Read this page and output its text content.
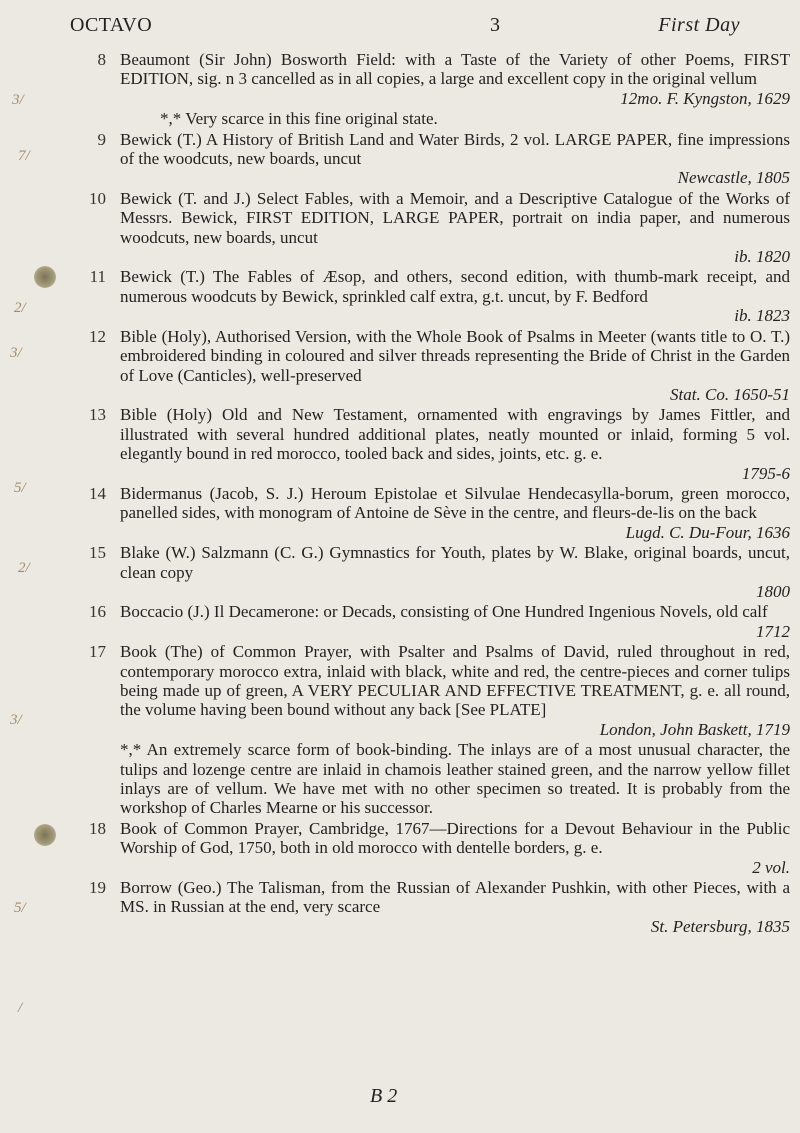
3/
7/
2/
3/
5/
2/
3/
5/
/
OCTAVO	3	First Day
8 Beaumont (Sir John) Bosworth Field: with a Taste of the Variety of other Poems, FIRST EDITION, sig. n 3 cancelled as in all copies, a large and excellent copy in the original vellum
12mo. F. Kyngston, 1629
*,* Very scarce in this fine original state.
9 Bewick (T.) A History of British Land and Water Birds, 2 vol. LARGE PAPER, fine impressions of the woodcuts, new boards, uncut
Newcastle, 1805
10 Bewick (T. and J.) Select Fables, with a Memoir, and a Descriptive Catalogue of the Works of Messrs. Bewick, FIRST EDITION, LARGE PAPER, portrait on india paper, and numerous woodcuts, new boards, uncut
ib. 1820
11 Bewick (T.) The Fables of Æsop, and others, second edition, with thumb-mark receipt, and numerous woodcuts by Bewick, sprinkled calf extra, g.t. uncut, by F. Bedford
ib. 1823
12 Bible (Holy), Authorised Version, with the Whole Book of Psalms in Meeter (wants title to O. T.) embroidered binding in coloured and silver threads representing the Bride of Christ in the Garden of Love (Canticles), well-preserved
Stat. Co. 1650-51
13 Bible (Holy) Old and New Testament, ornamented with engravings by James Fittler, and illustrated with several hundred additional plates, neatly mounted or inlaid, forming 5 vol. elegantly bound in red morocco, tooled back and sides, joints, etc. g. e.
1795-6
14 Bidermanus (Jacob, S. J.) Heroum Epistolae et Silvulae Hendecasylla-borum, green morocco, panelled sides, with monogram of Antoine de Sève in the centre, and fleurs-de-lis on the back
Lugd. C. Du-Four, 1636
15 Blake (W.) Salzmann (C. G.) Gymnastics for Youth, plates by W. Blake, original boards, uncut, clean copy
1800
16 Boccacio (J.) Il Decamerone: or Decads, consisting of One Hundred Ingenious Novels, old calf
1712
17 Book (The) of Common Prayer, with Psalter and Psalms of David, ruled throughout in red, contemporary morocco extra, inlaid with black, white and red, the centre-pieces and corner tulips being made up of green, A VERY PECULIAR AND EFFECTIVE TREATMENT, g. e. all round, the volume having been bound without any back [See PLATE]
London, John Baskett, 1719
*,* An extremely scarce form of book-binding. The inlays are of a most unusual character, the tulips and lozenge centre are inlaid in chamois leather stained green, and the narrow yellow fillet inlays are of vellum. We have met with no other specimen so treated. It is probably from the workshop of Charles Mearne or his successor.
18 Book of Common Prayer, Cambridge, 1767—Directions for a Devout Behaviour in the Public Worship of God, 1750, both in old morocco with dentelle borders, g. e.
2 vol.
19 Borrow (Geo.) The Talisman, from the Russian of Alexander Pushkin, with other Pieces, with a MS. in Russian at the end, very scarce
St. Petersburg, 1835
B 2
